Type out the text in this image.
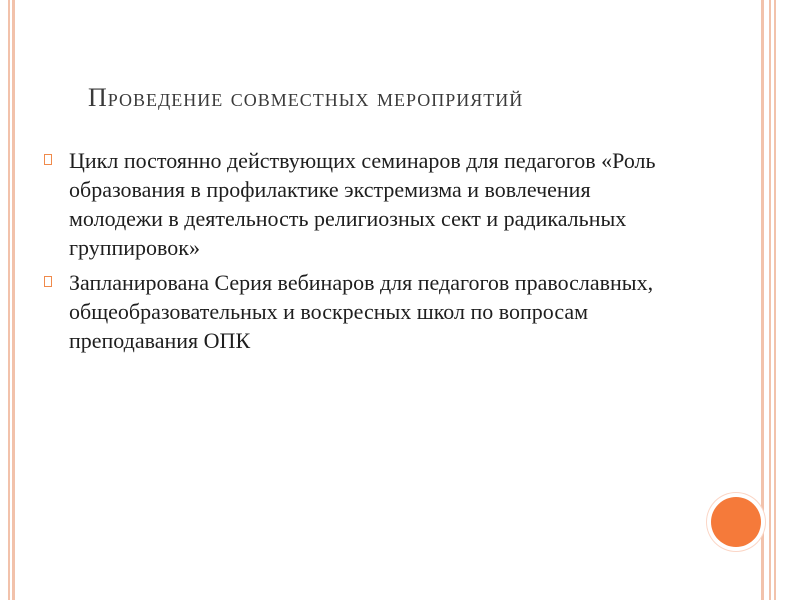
Проведение совместных мероприятий
Цикл постоянно действующих семинаров для педагогов «Роль образования в профилактике экстремизма и вовлечения молодежи в деятельность религиозных сект и радикальных группировок»
Запланирована Серия вебинаров для педагогов православных, общеобразовательных и воскресных школ по вопросам преподавания ОПК
